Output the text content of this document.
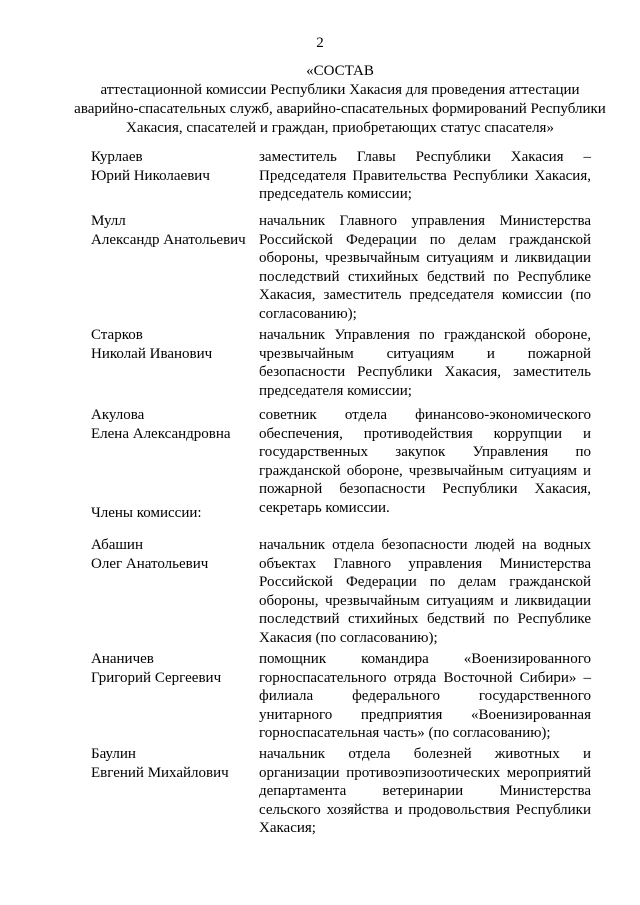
2
«СОСТАВ
аттестационной комиссии Республики Хакасия для проведения аттестации
аварийно-спасательных служб, аварийно-спасательных формирований Республики
Хакасия, спасателей и граждан, приобретающих статус спасателя»
Курлаев
Юрий Николаевич
заместитель Главы Республики Хакасия – Председателя Правительства Республики Хакасия, председатель комиссии;
Мулл
Александр Анатольевич
начальник Главного управления Министерства Российской Федерации по делам гражданской обороны, чрезвычайным ситуациям и ликвидации последствий стихийных бедствий по Республике Хакасия, заместитель председателя комиссии (по согласованию);
Старков
Николай Иванович
начальник Управления по гражданской обороне, чрезвычайным ситуациям и пожарной безопасности Республики Хакасия, заместитель председателя комиссии;
Акулова
Елена Александровна
советник отдела финансово-экономического обеспечения, противодействия коррупции и государственных закупок Управления по гражданской обороне, чрезвычайным ситуациям и пожарной безопасности Республики Хакасия, секретарь комиссии.
Члены комиссии:
Абашин
Олег Анатольевич
начальник отдела безопасности людей на водных объектах Главного управления Министерства Российской Федерации по делам гражданской обороны, чрезвычайным ситуациям и ликвидации последствий стихийных бедствий по Республике Хакасия (по согласованию);
Ананичев
Григорий Сергеевич
помощник командира «Военизированного горноспасательного отряда Восточной Сибири» – филиала федерального государственного унитарного предприятия «Военизированная горноспасательная часть» (по согласованию);
Баулин
Евгений Михайлович
начальник отдела болезней животных и организации противоэпизоотических мероприятий департамента ветеринарии Министерства сельского хозяйства и продовольствия Республики Хакасия;
